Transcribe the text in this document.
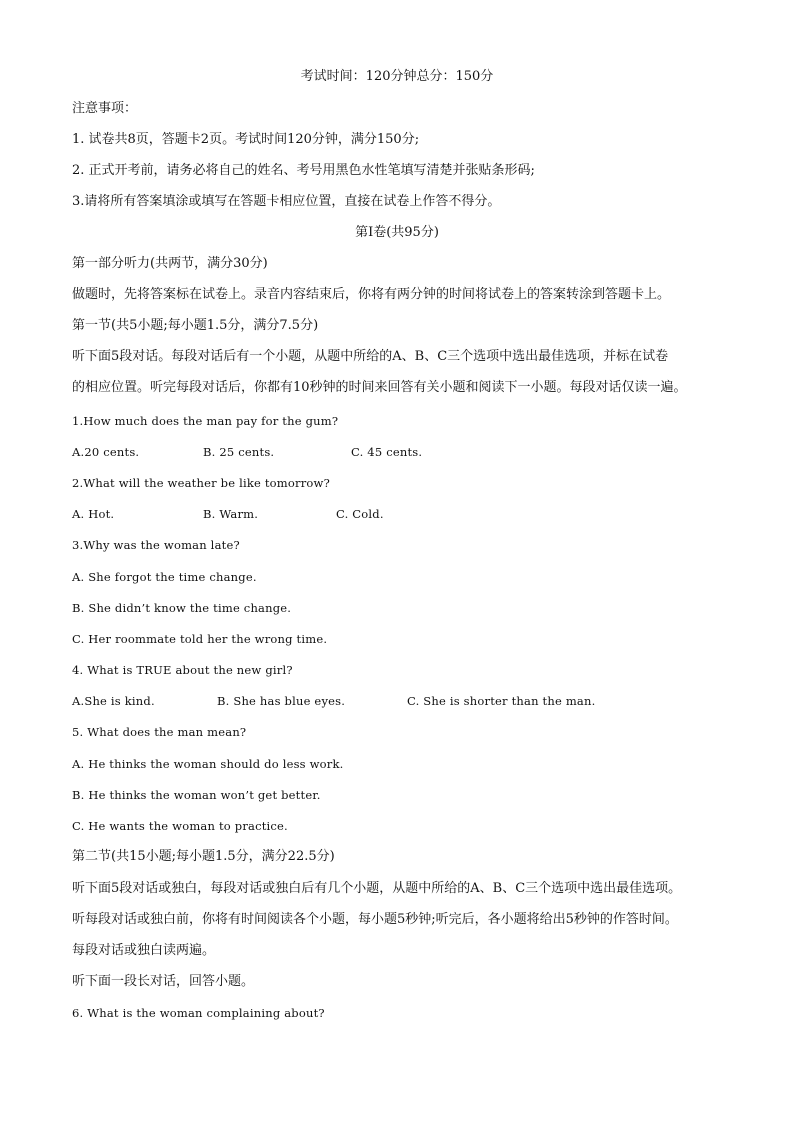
考试时间：120分钟总分：150分
注意事项：
1. 试卷共8页，答题卡2页。考试时间120分钟，满分150分;
2. 正式开考前，请务必将自己的姓名、考号用黑色水性笔填写清楚并张贴条形码;
3.请将所有答案填涂或填写在答题卡相应位置，直接在试卷上作答不得分。
第Ⅰ卷(共95分)
第一部分听力(共两节，满分30分)
做题时，先将答案标在试卷上。录音内容结束后，你将有两分钟的时间将试卷上的答案转涂到答题卡上。
第一节(共5小题;每小题1.5分，满分7.5分)
听下面5段对话。每段对话后有一个小题，从题中所给的A、B、C三个选项中选出最佳选项，并标在试卷
的相应位置。听完每段对话后，你都有10秒钟的时间来回答有关小题和阅读下一小题。每段对话仅读一遍。
1.How much does the man pay for the gum?
A.20 cents.	B. 25 cents.	C. 45 cents.
2.What will the weather be like tomorrow?
A. Hot.	B. Warm.	C. Cold.
3.Why was the woman late?
A. She forgot the time change.
B. She didn’t know the time change.
C. Her roommate told her the wrong time.
4. What is TRUE about the new girl?
A.She is kind.	B. She has blue eyes.	C. She is shorter than the man.
5. What does the man mean?
A. He thinks the woman should do less work.
B. He thinks the woman won’t get better.
C. He wants the woman to practice.
第二节(共15小题;每小题1.5分，满分22.5分)
听下面5段对话或独白，每段对话或独白后有几个小题，从题中所给的A、B、C三个选项中选出最佳选项。
听每段对话或独白前，你将有时间阅读各个小题，每小题5秒钟;听完后，各小题将给出5秒钟的作答时间。
每段对话或独白读两遍。
听下面一段长对话，回答小题。
6. What is the woman complaining about?
